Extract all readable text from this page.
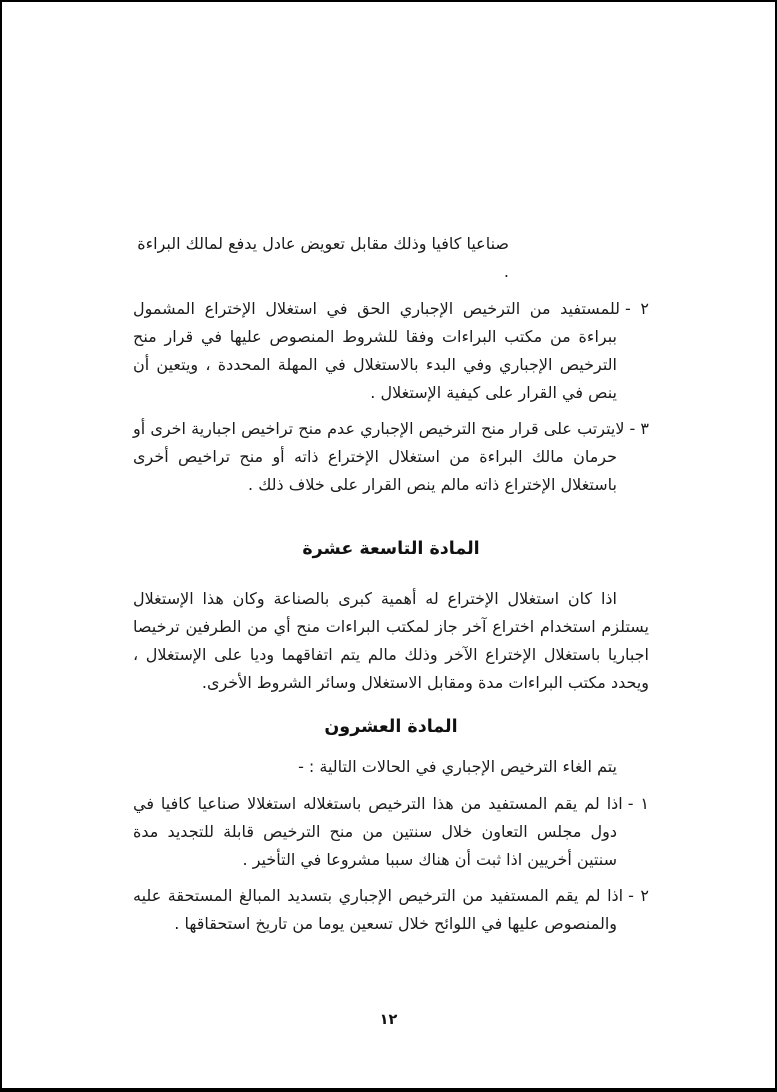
صناعيا كافيا وذلك مقابل تعويض عادل يدفع لمالك البراءة .

٢ -للمستفيد من الترخيص الإجباري الحق في استغلال الإختراع المشمول ببراءة من مكتب البراءات وفقا للشروط المنصوص عليها في قرار منح الترخيص الإجباري وفي البدء بالاستغلال في المهلة المحددة ، ويتعين أن ينص في القرار على كيفية الإستغلال .
٣ -لايترتب على قرار منح الترخيص الإجباري عدم منح تراخيص اجبارية اخرى أو حرمان مالك البراءة من استغلال الإختراع ذاته أو منح تراخيص أخرى باستغلال الإختراع ذاته مالم ينص القرار على خلاف ذلك .
المادة التاسعة عشرة

اذا كان استغلال الإختراع له أهمية كبرى بالصناعة وكان هذا الإستغلال يستلزم استخدام اختراع آخر جاز لمكتب البراءات منح أي من الطرفين ترخيصا اجباريا باستغلال الإختراع الآخر وذلك مالم يتم اتفاقهما وديا على الإستغلال ، ويحدد مكتب البراءات مدة ومقابل الاستغلال وسائر الشروط الأخرى.

المادة العشرون

يتم الغاء الترخيص الإجباري في الحالات التالية : -

١ -اذا لم يقم المستفيد من هذا الترخيص باستغلاله استغلالا صناعيا كافيا في دول مجلس التعاون خلال سنتين من منح الترخيص قابلة للتجديد مدة سنتين أخريين اذا ثبت أن هناك سببا مشروعا في التأخير .
٢ -اذا لم يقم المستفيد من الترخيص الإجباري بتسديد المبالغ المستحقة عليه والمنصوص عليها في اللوائح خلال تسعين يوما من تاريخ استحقاقها .
١٢
